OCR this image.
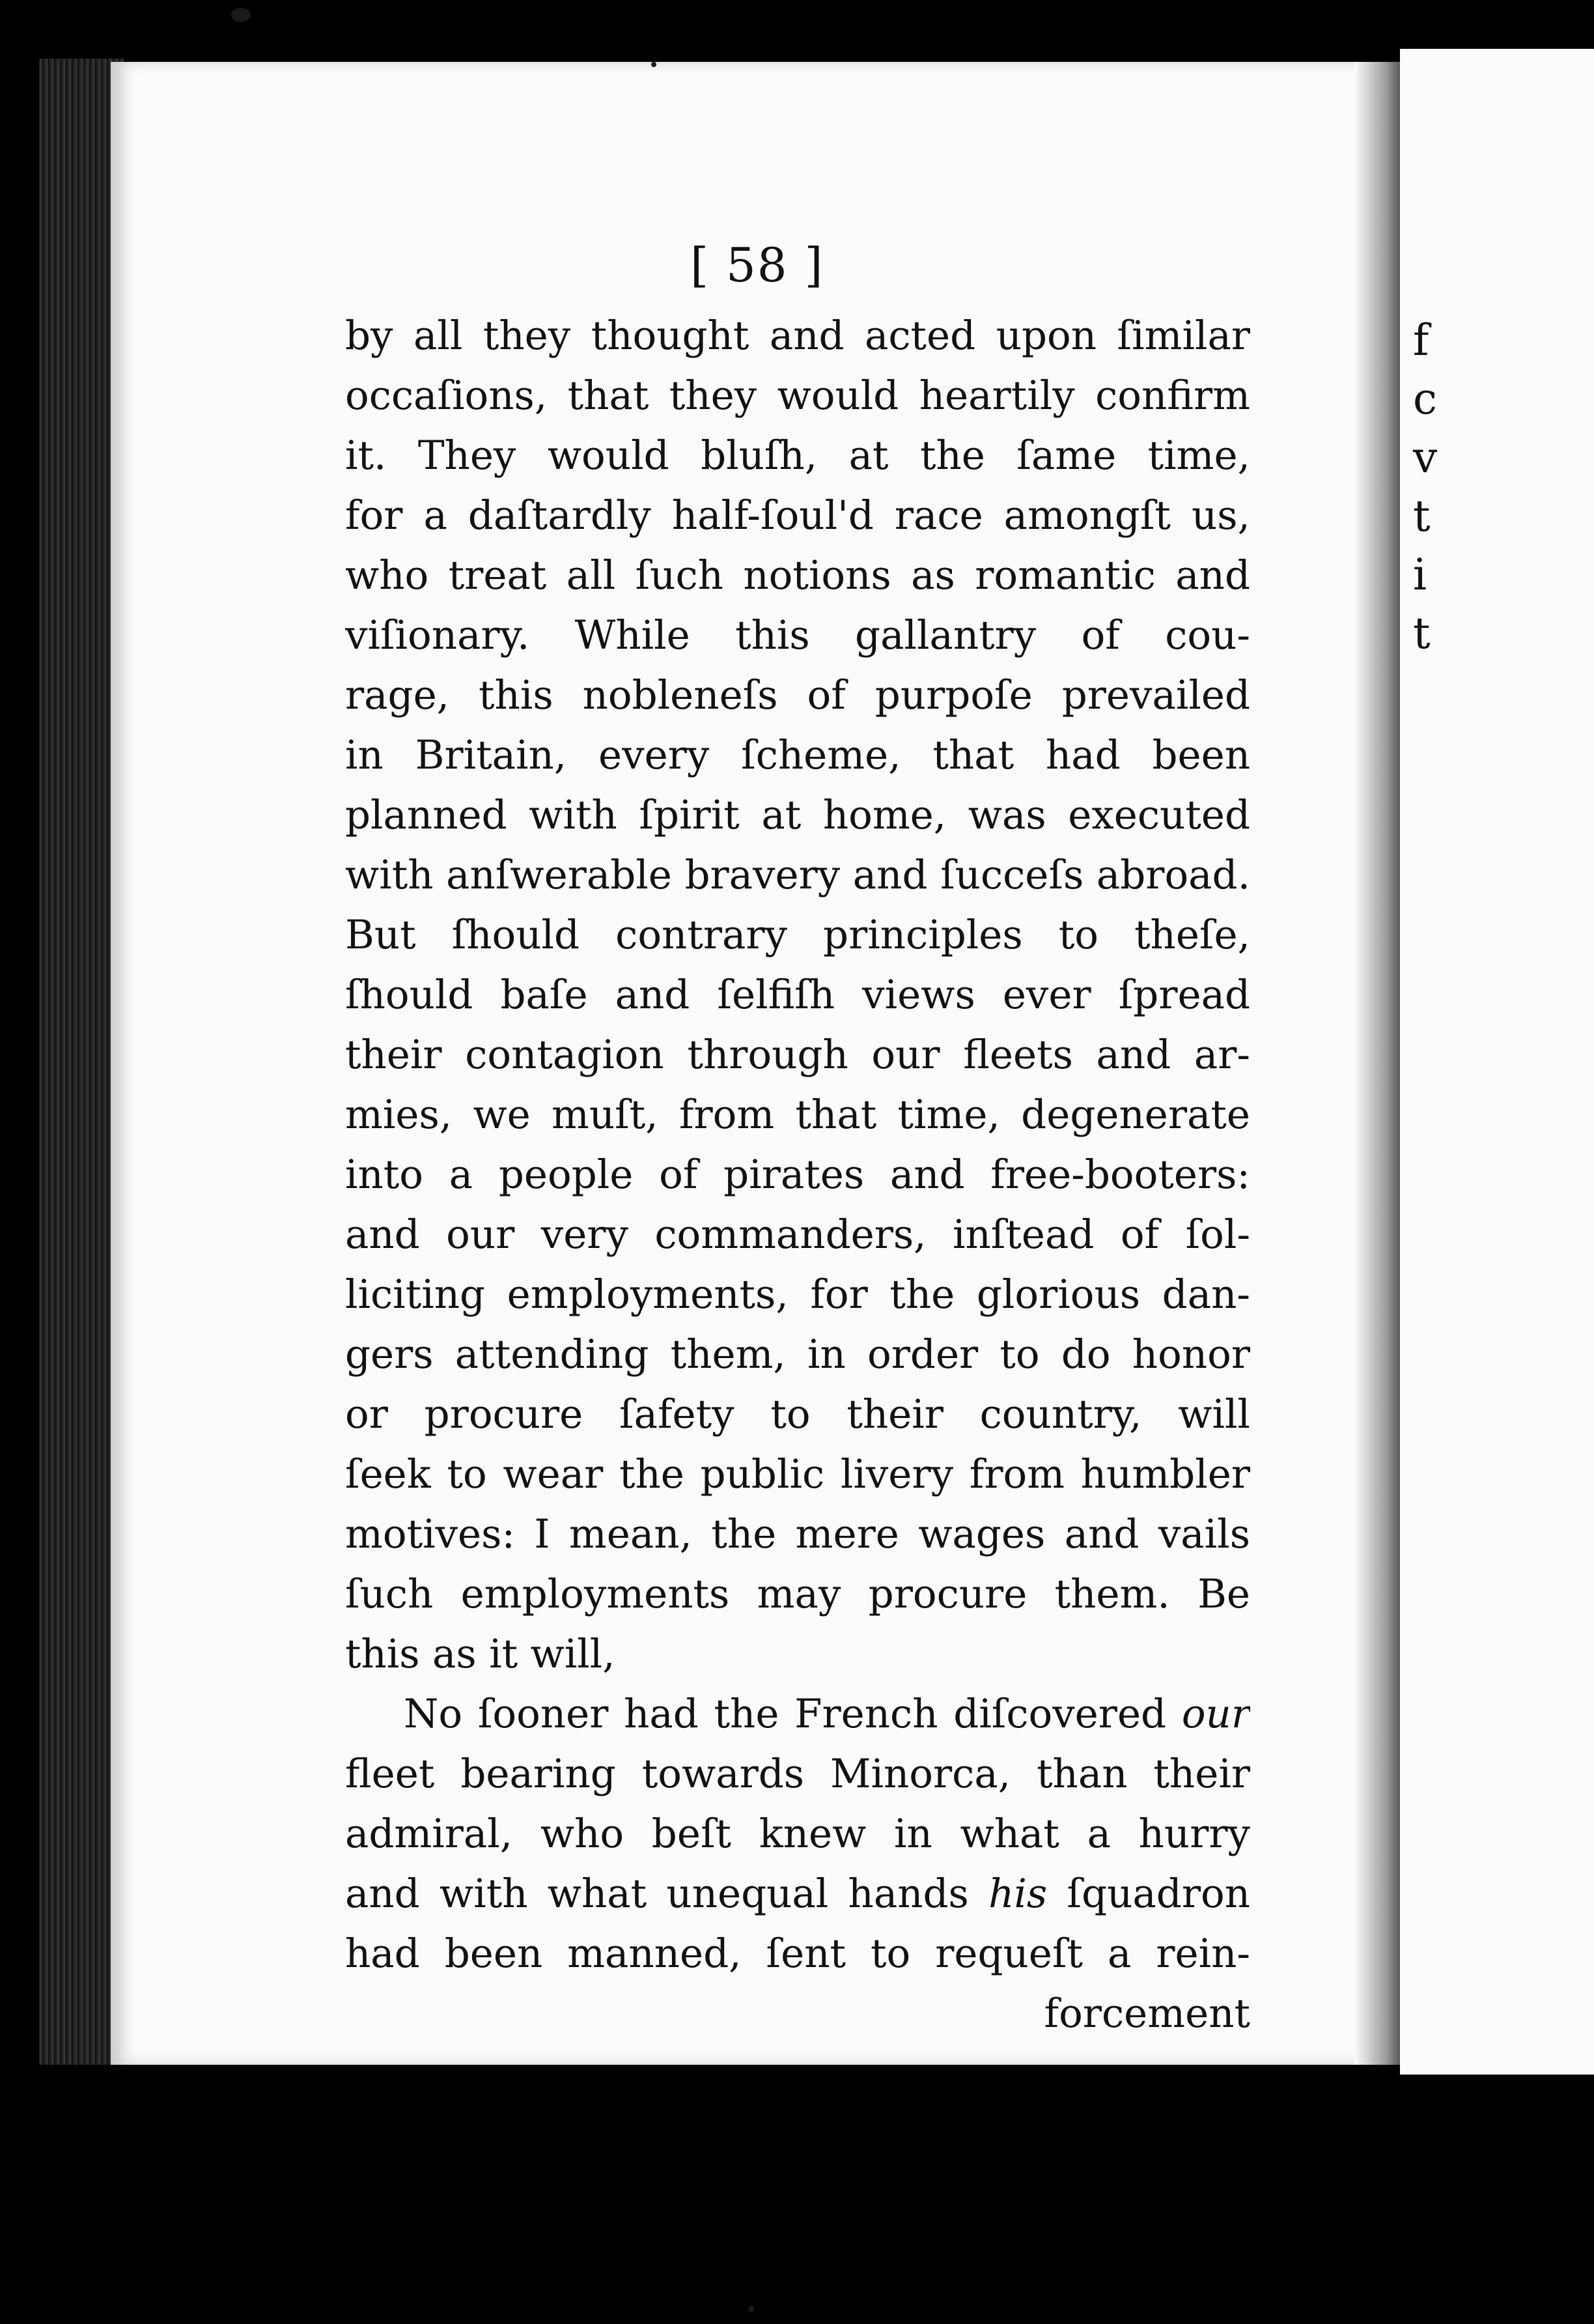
f
c
v
t
i
t
[ 58 ]
by all they thought and acted upon ſimilar
occaſions, that they would heartily confirm
it. They would bluſh, at the ſame time,
for a daſtardly half-ſoul'd race amongſt us,
who treat all ſuch notions as romantic and
viſionary. While this gallantry of cou-
rage, this nobleneſs of purpoſe prevailed
in Britain, every ſcheme, that had been
planned with ſpirit at home, was executed
with anſwerable bravery and ſucceſs abroad.
But ſhould contrary principles to theſe,
ſhould baſe and ſelfiſh views ever ſpread
their contagion through our fleets and ar-
mies, we muſt, from that time, degenerate
into a people of pirates and free-booters:
and our very commanders, inſtead of ſol-
liciting employments, for the glorious dan-
gers attending them, in order to do honor
or procure ſafety to their country, will
ſeek to wear the public livery from humbler
motives: I mean, the mere wages and vails
ſuch employments may procure them. Be
this as it will,
No ſooner had the French diſcovered our
fleet bearing towards Minorca, than their
admiral, who beſt knew in what a hurry
and with what unequal hands his ſquadron
had been manned, ſent to requeſt a rein-
forcement
